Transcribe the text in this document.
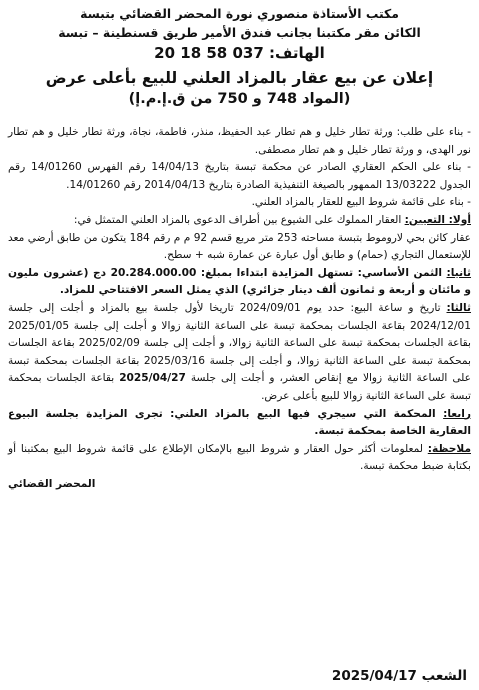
مكتب الأستاذة منصوري نورة المحضر القضائي بتبسة
الكائن مقر مكتبنا بجانب فندق الأمير طريق قسنطينة – تبسة
الهاتف: 20 18 58 037
إعلان عن بيع عقار بالمزاد العلني للبيع بأعلى عرض
(المواد 748 و 750 من ق.إ.م.إ)

- بناء على طلب: ورثة تطار خليل و هم تطار عبد الحفيظ، منذر، فاطمة، نجاة، ورثة تطار خليل و هم تطار نور الهدى، و ورثة تطار خليل و هم تطار مصطفى.

- بناء على الحكم العقاري الصادر عن محكمة تبسة بتاريخ 14/04/13 رقم الفهرس 14/01260 رقم الجدول 13/03222 الممهور بالصيغة التنفيذية الصادرة بتاريخ 2014/04/13 رقم 14/01260.

- بناء على قائمة شروط البيع للعقار بالمزاد العلني.

أولا: التعيين: العقار المملوك على الشيوع بين أطراف الدعوى بالمزاد العلني المتمثل في:

عقار كائن بحي لاروموط بتبسة مساحته 253 متر مربع قسم 92 م م رقم 184 يتكون من طابق أرضي معد للإستعمال التجاري (حمام) و طابق أول عبارة عن عمارة شبه + سطح.

ثانيا: الثمن الأساسي: تستهل المزايدة ابتداءا بمبلغ: 20.284.000.00 دج (عشرون مليون و مائتان و أربعة و ثمانون ألف دينار جزائري) الذي يمثل السعر الافتتاحي للمزاد.

ثالثا: تاريخ و ساعة البيع: حدد يوم 2024/09/01 تاريخا لأول جلسة بيع بالمزاد و أجلت إلى جلسة 2024/12/01 بقاعة الجلسات بمحكمة تبسة على الساعة الثانية زوالا و أجلت إلى جلسة 2025/01/05 بقاعة الجلسات بمحكمة تبسة على الساعة الثانية زوالا، و أجلت إلى جلسة 2025/02/09 بقاعة الجلسات بمحكمة تبسة على الساعة الثانية زوالا، و أجلت إلى جلسة 2025/03/16 بقاعة الجلسات بمحكمة تبسة على الساعة الثانية زوالا مع إنقاص العشر، و أجلت إلى جلسة 2025/04/27 بقاعة الجلسات بمحكمة تبسة على الساعة الثانية زوالا للبيع بأعلى عرض.

رابعا: المحكمة التي سيجري فيها البيع بالمزاد العلني: تجرى المزايدة بجلسة البيوع العقارية الخاصة بمحكمة تبسة.

ملاحظة: لمعلومات أكثر حول العقار و شروط البيع بالإمكان الإطلاع على قائمة شروط البيع بمكتبنا أو بكتابة ضبط محكمة تبسة.

المحضر القضائي
الشعب 2025/04/17
